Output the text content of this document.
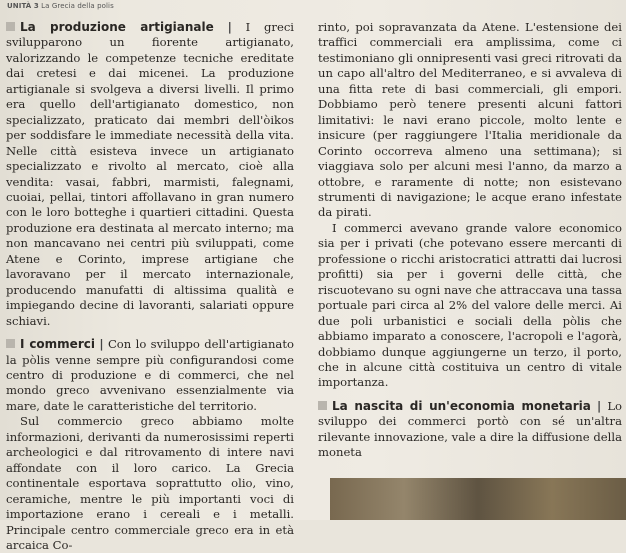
UNITÀ 3 La Grecia della polis

La produzione artigianale | I greci svilupparono un fiorente artigianato, valorizzando le competenze tecniche ereditate dai cretesi e dai micenei. La produzione artigianale si svolgeva a diversi livelli. Il primo era quello dell'artigianato domestico, non specializzato, praticato dai membri dell'òikos per soddisfare le immediate necessità della vita. Nelle città esisteva invece un artigianato specializzato e rivolto al mercato, cioè alla vendita: vasai, fabbri, marmisti, falegnami, cuoiai, pellai, tintori affollavano in gran numero con le loro botteghe i quartieri cittadini. Questa produzione era destinata al mercato interno; ma non mancavano nei centri più sviluppati, come Atene e Corinto, imprese artigiane che lavoravano per il mercato internazionale, producendo manufatti di altissima qualità e impiegando decine di lavoranti, salariati oppure schiavi.

I commerci | Con lo sviluppo dell'artigianato la pòlis venne sempre più configurandosi come centro di produzione e di commerci, che nel mondo greco avvenivano essenzialmente via mare, date le caratteristiche del territorio.

Sul commercio greco abbiamo molte informazioni, derivanti da numerosissimi reperti archeologici e dal ritrovamento di intere navi affondate con il loro carico. La Grecia continentale esportava soprattutto olio, vino, ceramiche, mentre le più importanti voci di importazione erano i cereali e i metalli. Principale centro commerciale greco era in età arcaica Co-

rinto, poi sopravanzata da Atene. L'estensione dei traffici commerciali era amplissima, come ci testimoniano gli onnipresenti vasi greci ritrovati da un capo all'altro del Mediterraneo, e si avvaleva di una fitta rete di basi commerciali, gli empori. Dobbiamo però tenere presenti alcuni fattori limitativi: le navi erano piccole, molto lente e insicure (per raggiungere l'Italia meridionale da Corinto occorreva almeno una settimana); si viaggiava solo per alcuni mesi l'anno, da marzo a ottobre, e raramente di notte; non esistevano strumenti di navigazione; le acque erano infestate da pirati.

I commerci avevano grande valore economico sia per i privati (che potevano essere mercanti di professione o ricchi aristocratici attratti dai lucrosi profitti) sia per i governi delle città, che riscuotevano su ogni nave che attraccava una tassa portuale pari circa al 2% del valore delle merci. Ai due poli urbanistici e sociali della pòlis che abbiamo imparato a conoscere, l'acropoli e l'agorà, dobbiamo dunque aggiungerne un terzo, il porto, che in alcune città costituiva un centro di vitale importanza.

La nascita di un'economia monetaria | Lo sviluppo dei commerci portò con sé un'altra rilevante innovazione, vale a dire la diffusione della moneta
